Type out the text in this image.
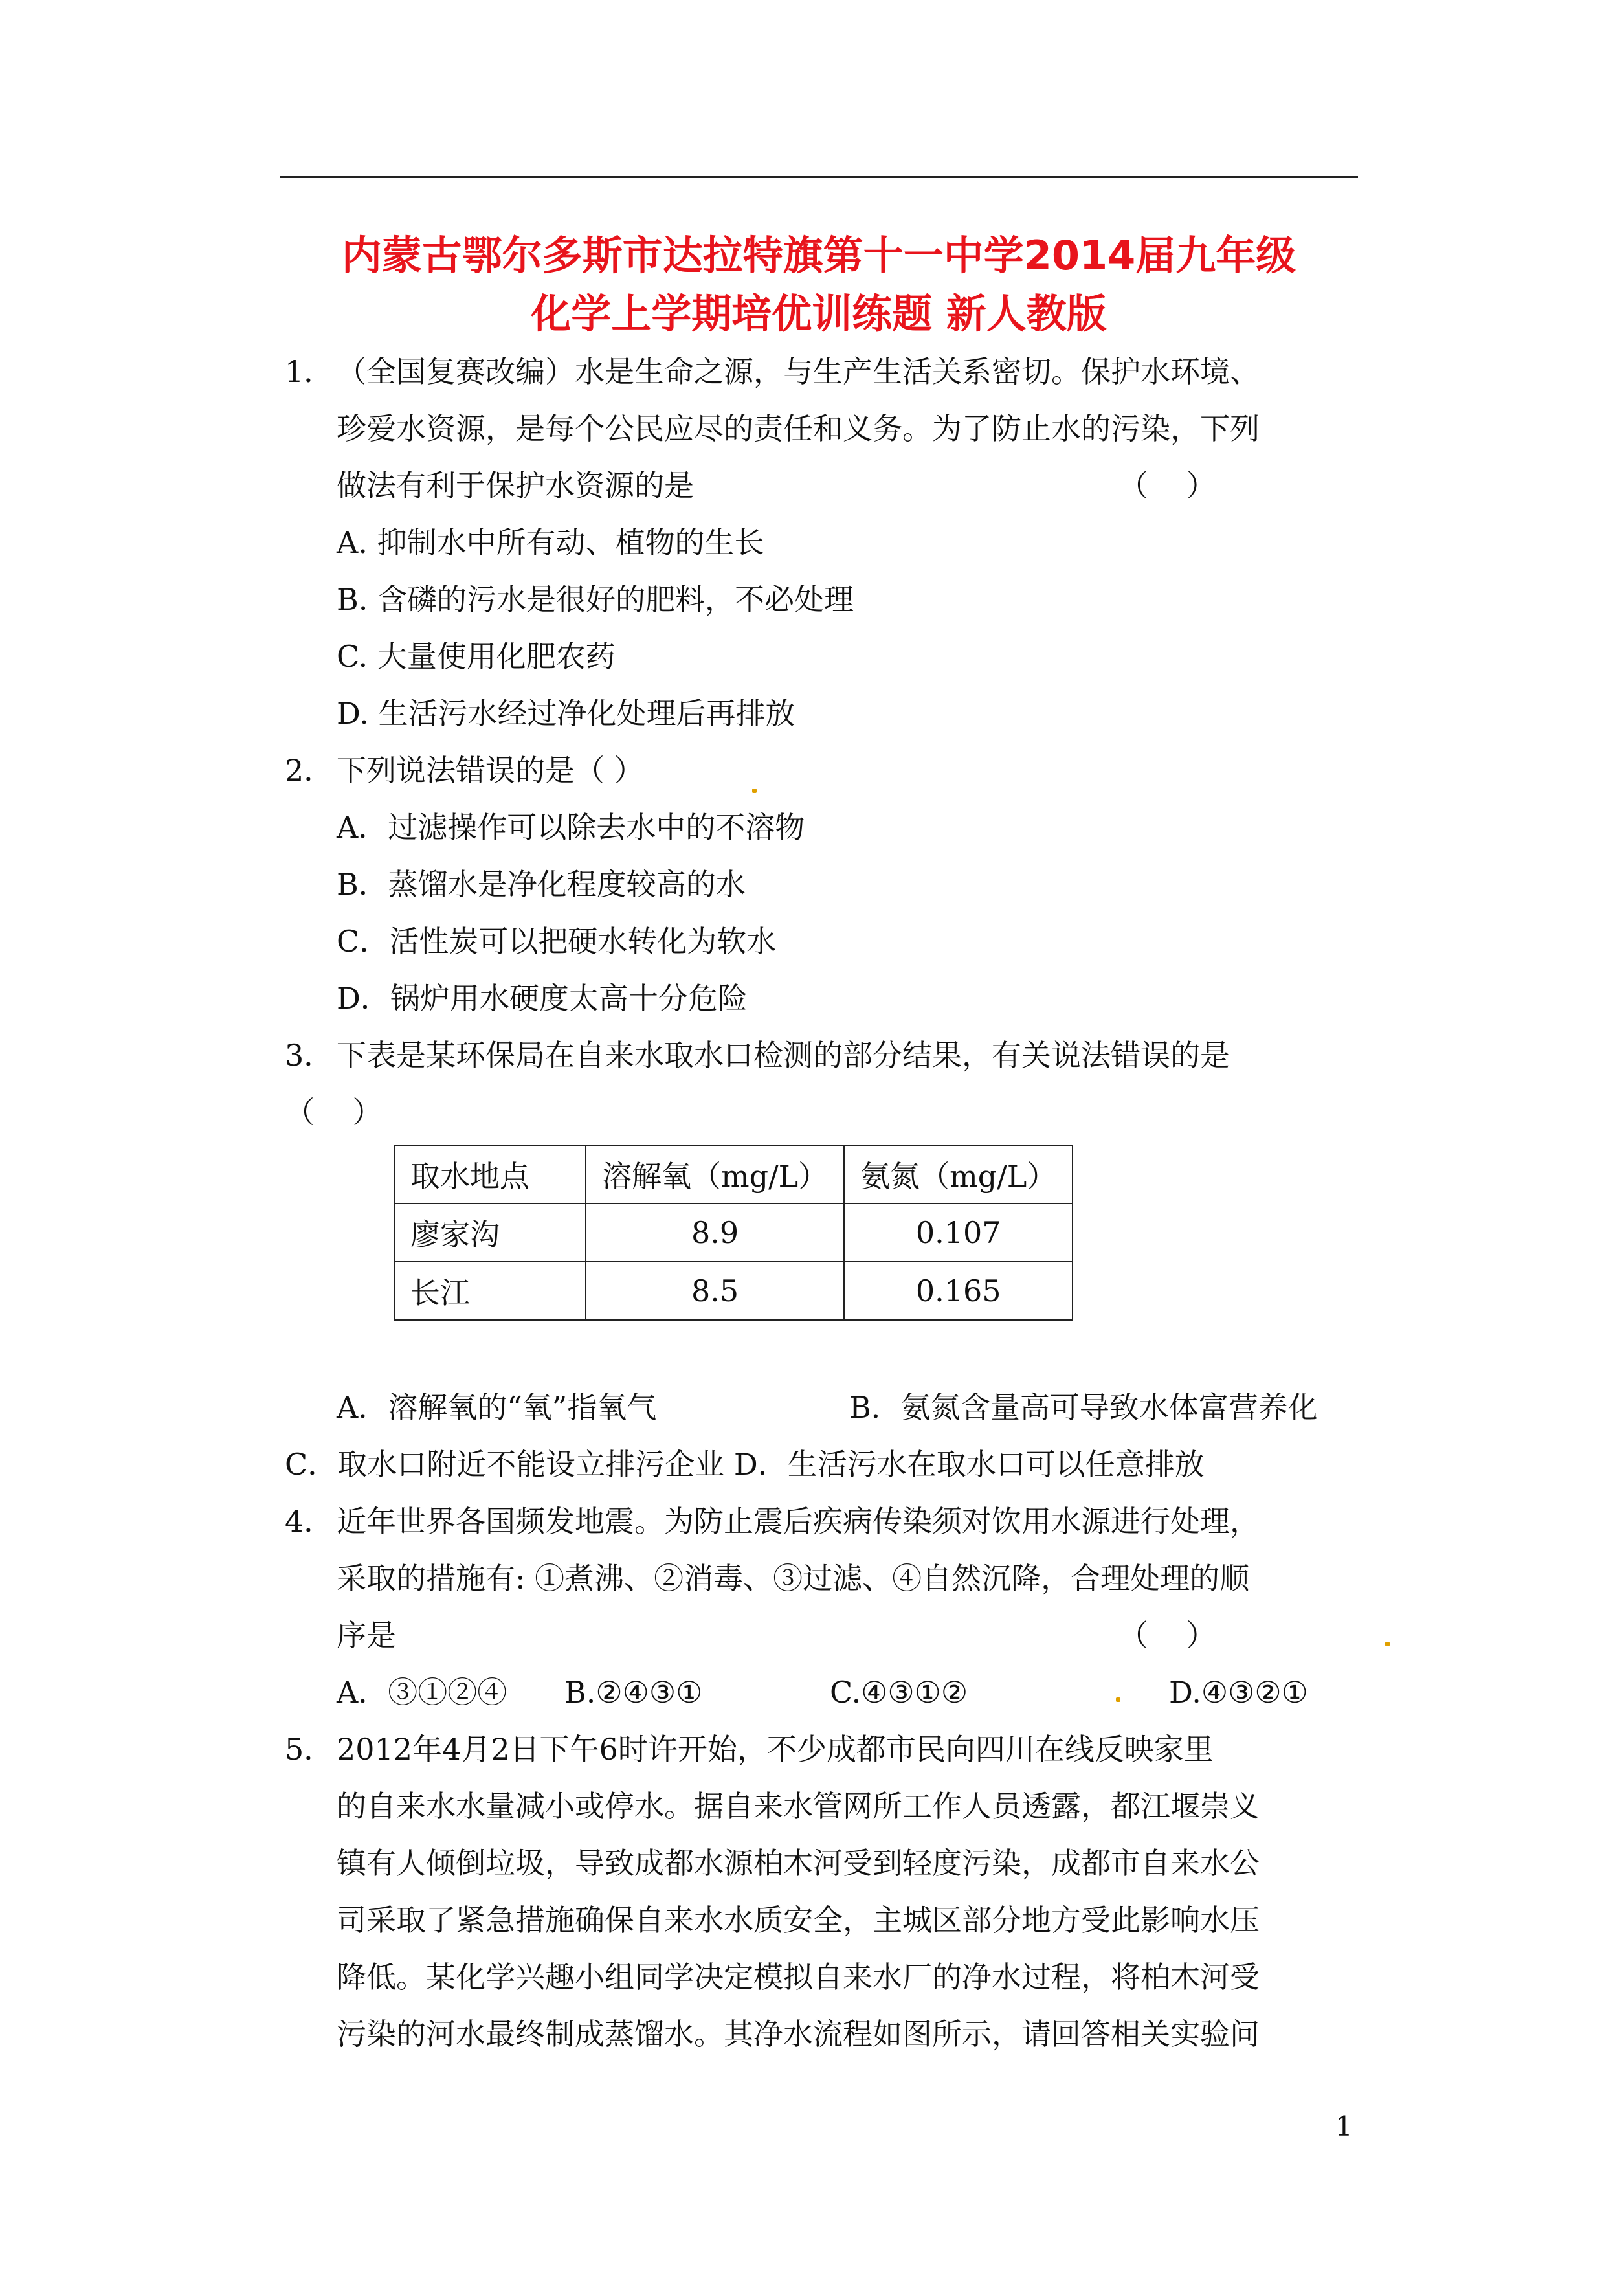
内蒙古鄂尔多斯市达拉特旗第十一中学2014届九年级
化学上学期培优训练题 新人教版
1． （全国复赛改编）水是生命之源，与生产生活关系密切。保护水环境、
珍爱水资源，是每个公民应尽的责任和义务。为了防止水的污染，下列
做法有利于保护水资源的是	（    ）
A. 抑制水中所有动、植物的生长
B. 含磷的污水是很好的肥料，不必处理
C. 大量使用化肥农药
D. 生活污水经过净化处理后再排放
2． 下列说法错误的是（ ）
A．过滤操作可以除去水中的不溶物
B．蒸馏水是净化程度较高的水
C．活性炭可以把硬水转化为软水
D．锅炉用水硬度太高十分危险
3． 下表是某环保局在自来水取水口检测的部分结果，有关说法错误的是
（    ）
取水地点	溶解氧（mg/L）	氨氮（mg/L）
廖家沟	8.9	0.107
长江	8.5	0.165
A．溶解氧的“氧”指氧气	B．氨氮含量高可导致水体富营养化
C．取水口附近不能设立排污企业 D．生活污水在取水口可以任意排放
4． 近年世界各国频发地震。为防止震后疾病传染须对饮用水源进行处理，
采取的措施有: ①煮沸、②消毒、③过滤、④自然沉降，合理处理的顺
序是	（    ）
A．③①②④ B.②④③①	C.④③①②	D.④③②①
5． 2012年4月2日下午6时许开始，不少成都市民向四川在线反映家里
的自来水水量减小或停水。据自来水管网所工作人员透露，都江堰崇义
镇有人倾倒垃圾，导致成都水源柏木河受到轻度污染，成都市自来水公
司采取了紧急措施确保自来水水质安全，主城区部分地方受此影响水压
降低。某化学兴趣小组同学决定模拟自来水厂的净水过程，将柏木河受
污染的河水最终制成蒸馏水。其净水流程如图所示，请回答相关实验问
1
